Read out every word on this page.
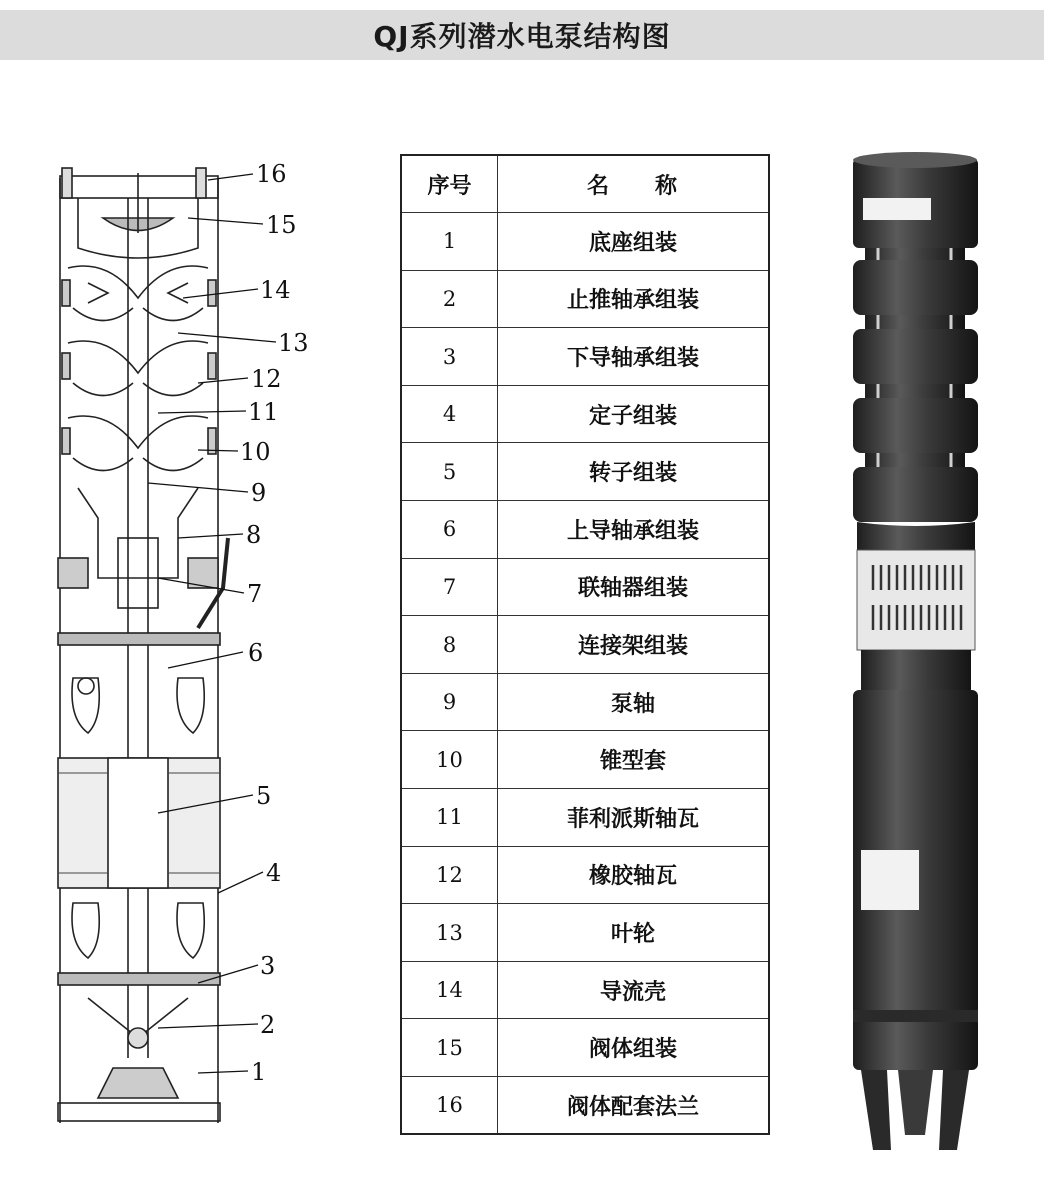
QJ系列潜水电泵结构图
16
15
14
13
12
11
10
9
8
7
6
5
4
3
2
1
序号	名 称
1	底座组装
2	止推轴承组装
3	下导轴承组装
4	定子组装
5	转子组装
6	上导轴承组装
7	联轴器组装
8	连接架组装
9	泵轴
10	锥型套
11	菲利派斯轴瓦
12	橡胶轴瓦
13	叶轮
14	导流壳
15	阀体组装
16	阀体配套法兰
